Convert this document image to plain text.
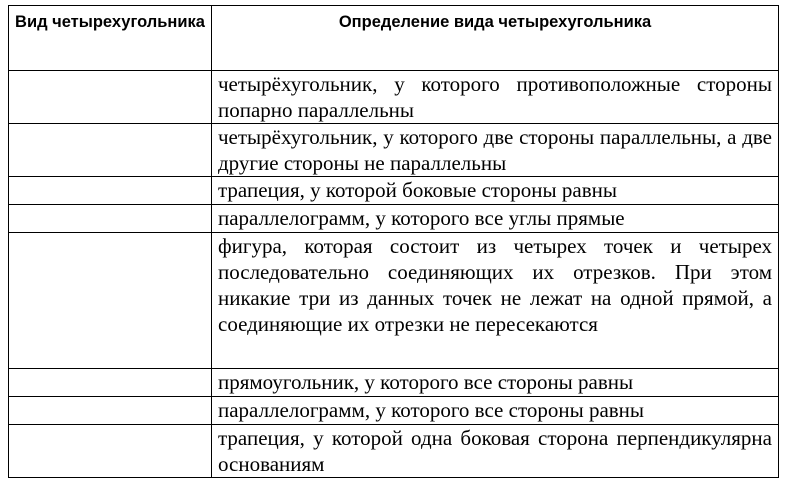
Вид четырехугольника	Определение вида четырехугольника
	четырёхугольник, у которого противоположные стороны попарно параллельны
	четырёхугольник, у которого две стороны параллельны, а две другие стороны не параллельны
	трапеция, у которой боковые стороны равны
	параллелограмм, у которого все углы прямые
	фигура, которая состоит из четырех точек и четырех последовательно соединяющих их отрезков. При этом никакие три из данных точек не лежат на одной прямой, а соединяющие их отрезки не пересекаются
	прямоугольник, у которого все стороны равны
	параллелограмм, у которого все стороны равны
	трапеция, у которой одна боковая сторона перпендикулярна основаниям
